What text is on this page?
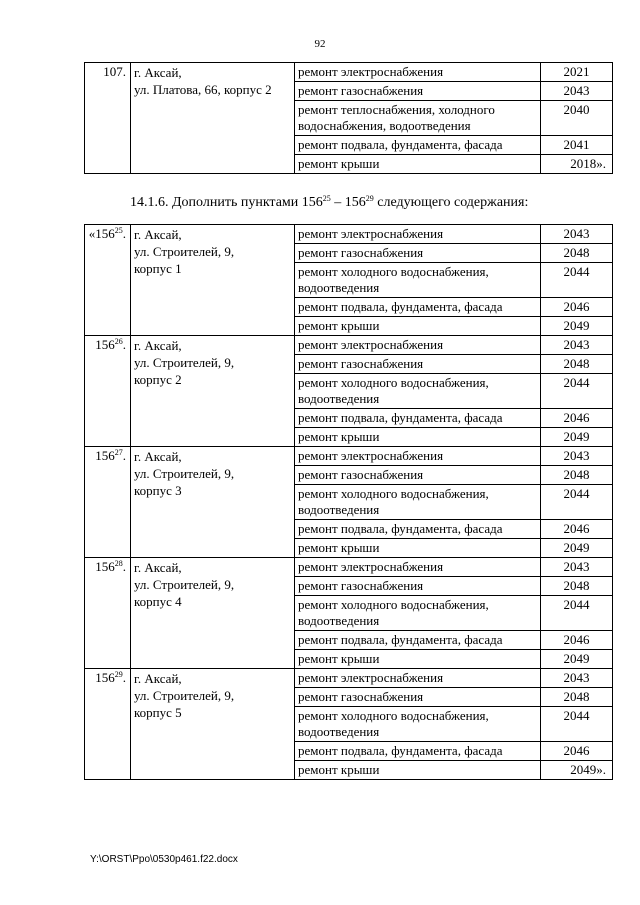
92
107.	г. Аксай,
ул. Платова, 66, корпус 2	ремонт электроснабжения	2021
		ремонт газоснабжения	2043
		ремонт теплоснабжения, холодного водоснабжения, водоотведения	2040
		ремонт подвала, фундамента, фасада	2041
		ремонт крыши	2018».
14.1.6. Дополнить пунктами $156^{25} - 156^{29}$ следующего содержания:
«$156^{25}$.	г. Аксай,
ул. Строителей, 9,
корпус 1	ремонт электроснабжения	2043
		ремонт газоснабжения	2048
		ремонт холодного водоснабжения, водоотведения	2044
		ремонт подвала, фундамента, фасада	2046
		ремонт крыши	2049
$156^{26}$.	г. Аксай,
ул. Строителей, 9,
корпус 2	ремонт электроснабжения	2043
		ремонт газоснабжения	2048
		ремонт холодного водоснабжения, водоотведения	2044
		ремонт подвала, фундамента, фасада	2046
		ремонт крыши	2049
$156^{27}$.	г. Аксай,
ул. Строителей, 9,
корпус 3	ремонт электроснабжения	2043
		ремонт газоснабжения	2048
		ремонт холодного водоснабжения, водоотведения	2044
		ремонт подвала, фундамента, фасада	2046
		ремонт крыши	2049
$156^{28}$.	г. Аксай,
ул. Строителей, 9,
корпус 4	ремонт электроснабжения	2043
		ремонт газоснабжения	2048
		ремонт холодного водоснабжения, водоотведения	2044
		ремонт подвала, фундамента, фасада	2046
		ремонт крыши	2049
$156^{29}$.	г. Аксай,
ул. Строителей, 9,
корпус 5	ремонт электроснабжения	2043
		ремонт газоснабжения	2048
		ремонт холодного водоснабжения, водоотведения	2044
		ремонт подвала, фундамента, фасада	2046
		ремонт крыши	2049».
Y:\ORST\Ppo\0530p461.f22.docx
